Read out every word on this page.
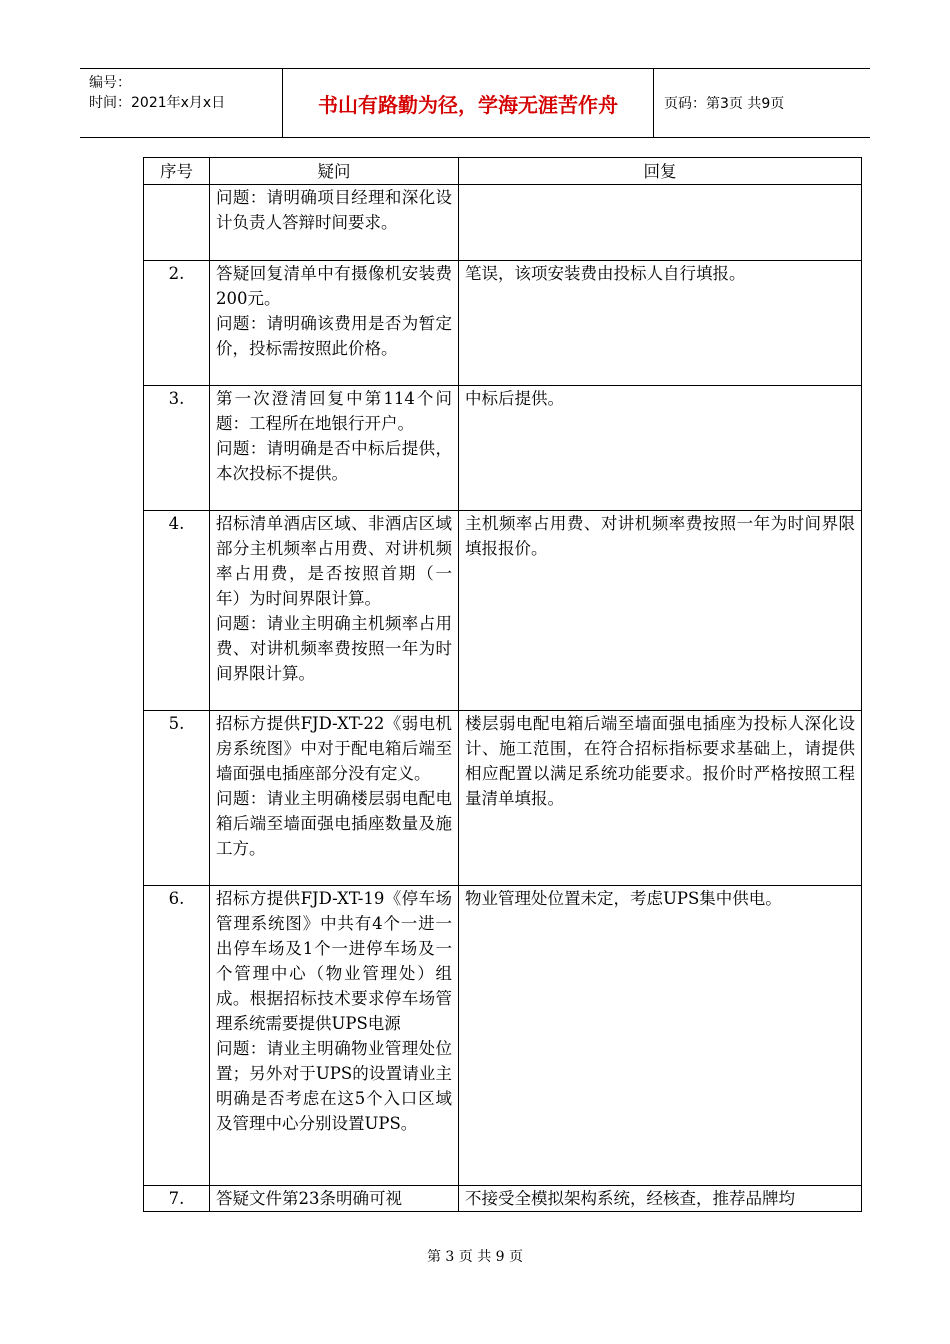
编号：
时间：2021年x月x日	书山有路勤为径，学海无涯苦作舟	页码：第3页 共9页
序号	疑问	回复

	问题：请明确项目经理和深化设计负责人答辩时间要求。	

2.	答疑回复清单中有摄像机安装费200元。
问题：请明确该费用是否为暂定价，投标需按照此价格。	笔误，该项安装费由投标人自行填报。
3.	第一次澄清回复中第114个问题：工程所在地银行开户。
问题：请明确是否中标后提供，本次投标不提供。	中标后提供。
4.	招标清单酒店区域、非酒店区域部分主机频率占用费、对讲机频率占用费，是否按照首期（一年）为时间界限计算。
问题：请业主明确主机频率占用费、对讲机频率费按照一年为时间界限计算。	主机频率占用费、对讲机频率费按照一年为时间界限填报报价。
5.	招标方提供FJD-XT-22《弱电机房系统图》中对于配电箱后端至墙面强电插座部分没有定义。
问题：请业主明确楼层弱电配电箱后端至墙面强电插座数量及施工方。	楼层弱电配电箱后端至墙面强电插座为投标人深化设计、施工范围，在符合招标指标要求基础上，请提供相应配置以满足系统功能要求。报价时严格按照工程量清单填报。
6.	招标方提供FJD-XT-19《停车场管理系统图》中共有4个一进一出停车场及1个一进停车场及一个管理中心（物业管理处）组成。根据招标技术要求停车场管理系统需要提供UPS电源
问题：请业主明确物业管理处位置；另外对于UPS的设置请业主明确是否考虑在这5个入口区域及管理中心分别设置UPS。	物业管理处位置未定，考虑UPS集中供电。
7.	答疑文件第23条明确可视	不接受全模拟架构系统，经核查，推荐品牌均
第 3 页 共 9 页
